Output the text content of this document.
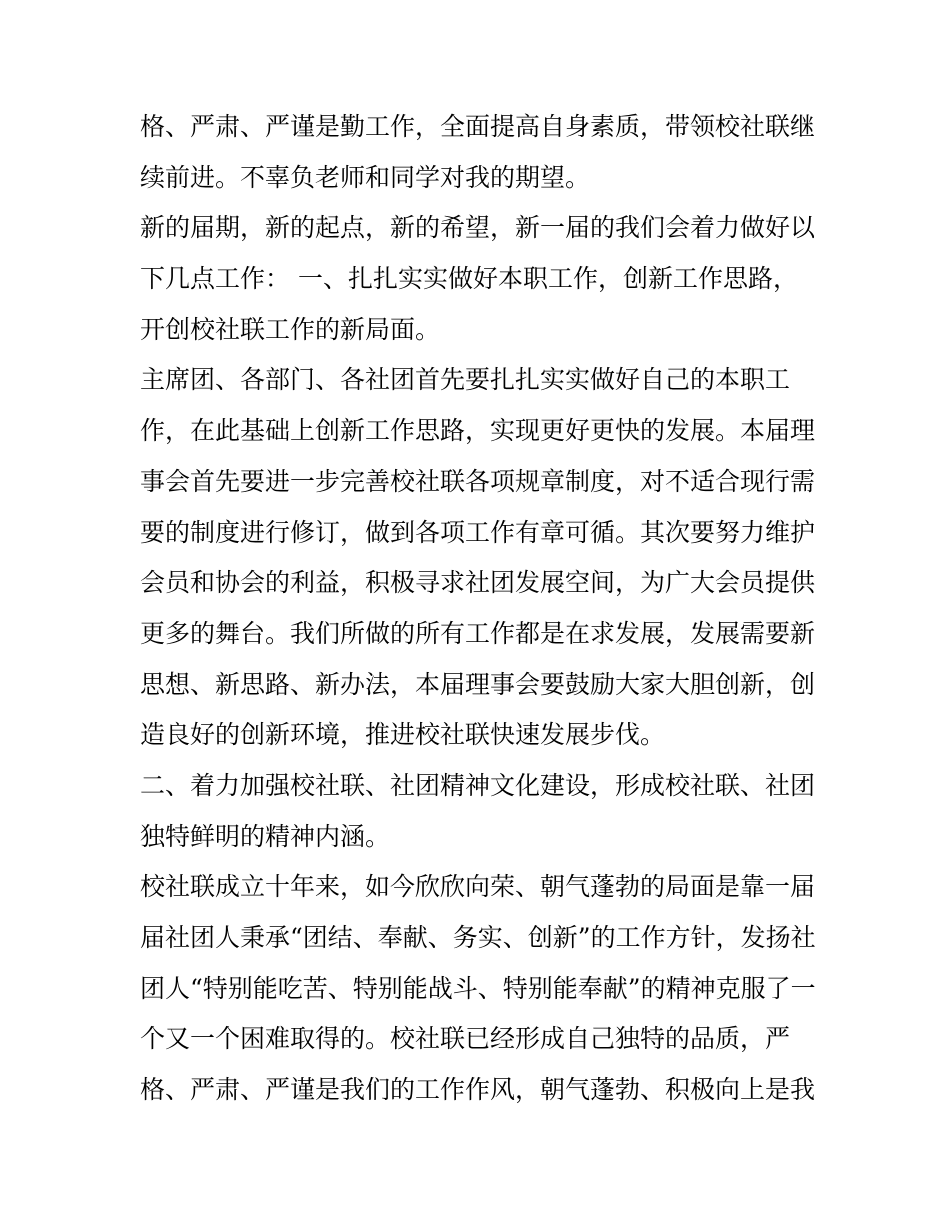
格、严肃、严谨是勤工作，全面提高自身素质，带领校社联继
续前进。不辜负老师和同学对我的期望。
新的届期，新的起点，新的希望，新一届的我们会着力做好以
下几点工作： 一、扎扎实实做好本职工作，创新工作思路，
开创校社联工作的新局面。
主席团、各部门、各社团首先要扎扎实实做好自己的本职工
作，在此基础上创新工作思路，实现更好更快的发展。本届理
事会首先要进一步完善校社联各项规章制度，对不适合现行需
要的制度进行修订，做到各项工作有章可循。其次要努力维护
会员和协会的利益，积极寻求社团发展空间，为广大会员提供
更多的舞台。我们所做的所有工作都是在求发展，发展需要新
思想、新思路、新办法，本届理事会要鼓励大家大胆创新，创
造良好的创新环境，推进校社联快速发展步伐。
二、着力加强校社联、社团精神文化建设，形成校社联、社团
独特鲜明的精神内涵。
校社联成立十年来，如今欣欣向荣、朝气蓬勃的局面是靠一届
届社团人秉承“团结、奉献、务实、创新”的工作方针，发扬社
团人“特别能吃苦、特别能战斗、特别能奉献”的精神克服了一
个又一个困难取得的。校社联已经形成自己独特的品质，严
格、严肃、严谨是我们的工作作风，朝气蓬勃、积极向上是我
